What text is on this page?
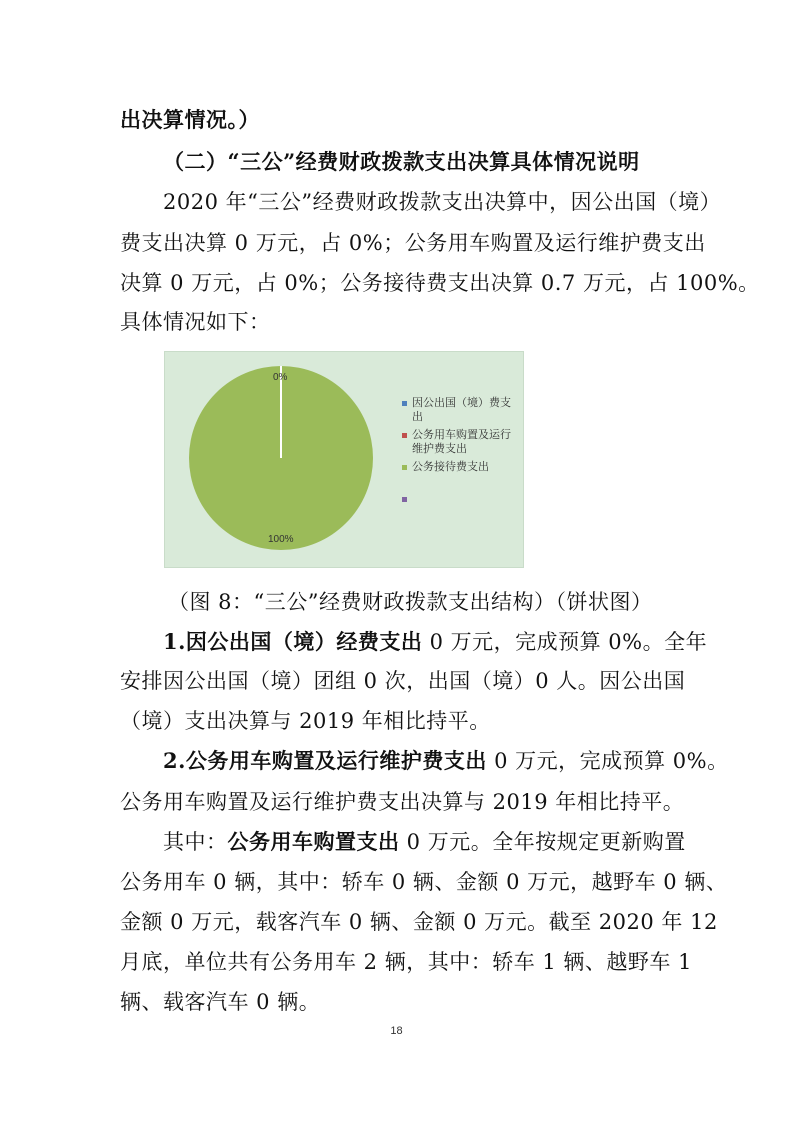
出决算情况。）
（二）“三公”经费财政拨款支出决算具体情况说明
2020 年“三公”经费财政拨款支出决算中，因公出国（境）
费支出决算 0 万元，占 0%；公务用车购置及运行维护费支出
决算 0 万元，占 0%；公务接待费支出决算 0.7 万元，占 100%。
具体情况如下：
0%
100%
因公出国（境）费支出
公务用车购置及运行维护费支出
公务接待费支出
（图 8：“三公”经费财政拨款支出结构）（饼状图）
1.因公出国（境）经费支出 0 万元，完成预算 0%。全年
安排因公出国（境）团组 0 次，出国（境）0 人。因公出国
（境）支出决算与 2019 年相比持平。
2.公务用车购置及运行维护费支出 0 万元，完成预算 0%。
公务用车购置及运行维护费支出决算与 2019 年相比持平。
其中：公务用车购置支出 0 万元。全年按规定更新购置
公务用车 0 辆，其中：轿车 0 辆、金额 0 万元，越野车 0 辆、
金额 0 万元，载客汽车 0 辆、金额 0 万元。截至 2020 年 12
月底，单位共有公务用车 2 辆，其中：轿车 1 辆、越野车 1
辆、载客汽车 0 辆。
18
